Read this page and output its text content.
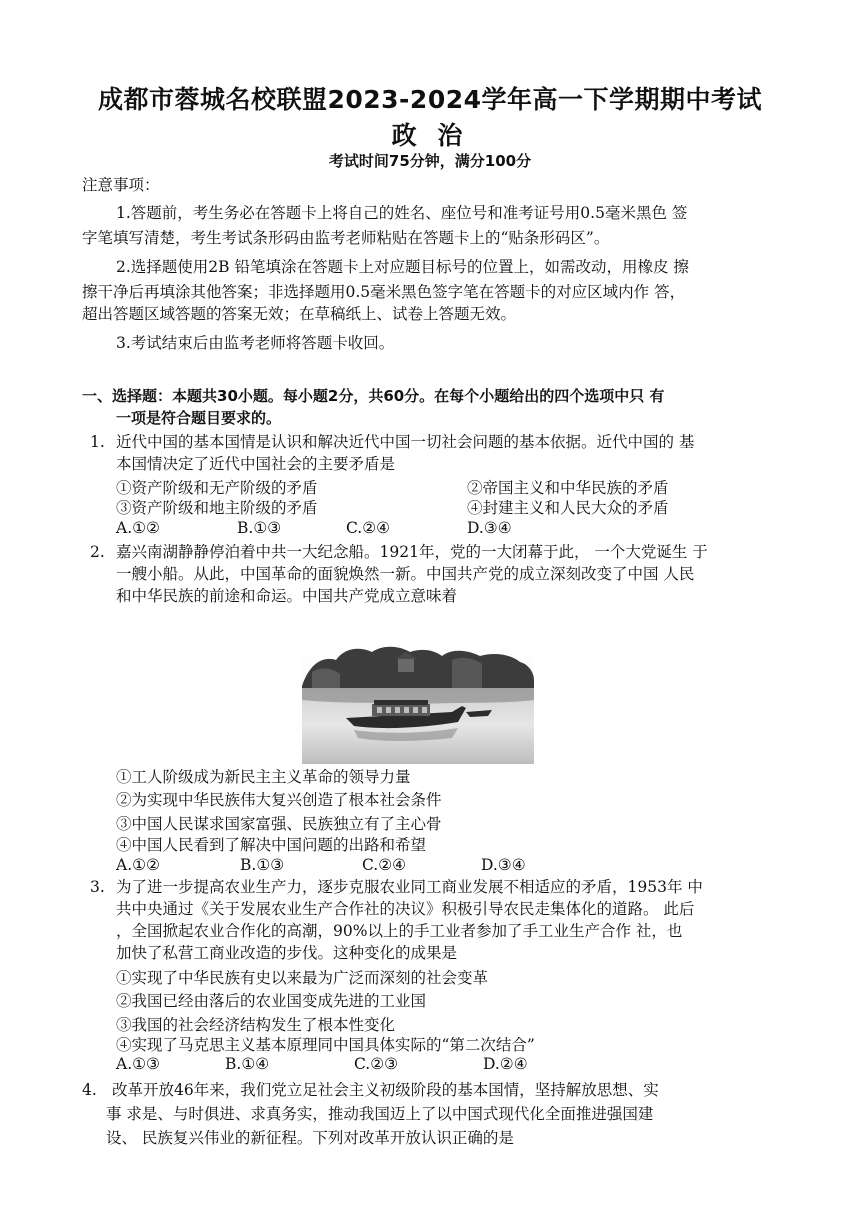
成都市蓉城名校联盟2023-2024学年高一下学期期中考试
政 治
考试时间75分钟，满分100分
注意事项：
1.答题前，考生务必在答题卡上将自己的姓名、座位号和准考证号用0.5毫米黑色 签
字笔填写清楚，考生考试条形码由监考老师粘贴在答题卡上的“贴条形码区”。
2.选择题使用2B 铅笔填涂在答题卡上对应题目标号的位置上，如需改动，用橡皮 擦
擦干净后再填涂其他答案；非选择题用0.5毫米黑色签字笔在答题卡的对应区域内作 答，
超出答题区域答题的答案无效；在草稿纸上、试卷上答题无效。
3.考试结束后由监考老师将答题卡收回。
一、选择题：本题共30小题。每小题2分，共60分。在每个小题给出的四个选项中只 有
一项是符合题目要求的。
1. 近代中国的基本国情是认识和解决近代中国一切社会问题的基本依据。近代中国的 基
本国情决定了近代中国社会的主要矛盾是
①资产阶级和无产阶级的矛盾	②帝国主义和中华民族的矛盾
③资产阶级和地主阶级的矛盾	④封建主义和人民大众的矛盾
A.①②	B.①③	C.②④	D.③④
2. 嘉兴南湖静静停泊着中共一大纪念船。1921年，党的一大闭幕于此， 一个大党诞生 于
一艘小船。从此，中国革命的面貌焕然一新。中国共产党的成立深刻改变了中国 人民
和中华民族的前途和命运。中国共产党成立意味着
①工人阶级成为新民主主义革命的领导力量
②为实现中华民族伟大复兴创造了根本社会条件
③中国人民谋求国家富强、民族独立有了主心骨
④中国人民看到了解决中国问题的出路和希望
A.①②	B.①③	C.②④	D.③④
3. 为了进一步提高农业生产力，逐步克服农业同工商业发展不相适应的矛盾，1953年 中
共中央通过《关于发展农业生产合作社的决议》积极引导农民走集体化的道路。 此后
，全国掀起农业合作化的高潮，90%以上的手工业者参加了手工业生产合作 社，也
加快了私营工商业改造的步伐。这种变化的成果是
①实现了中华民族有史以来最为广泛而深刻的社会变革
②我国已经由落后的农业国变成先进的工业国
③我国的社会经济结构发生了根本性变化
④实现了马克思主义基本原理同中国具体实际的“第二次结合”
A.①③	B.①④	C.②③	D.②④
4. 改革开放46年来，我们党立足社会主义初级阶段的基本国情，坚持解放思想、实
事 求是、与时俱进、求真务实，推动我国迈上了以中国式现代化全面推进强国建
设、 民族复兴伟业的新征程。下列对改革开放认识正确的是
